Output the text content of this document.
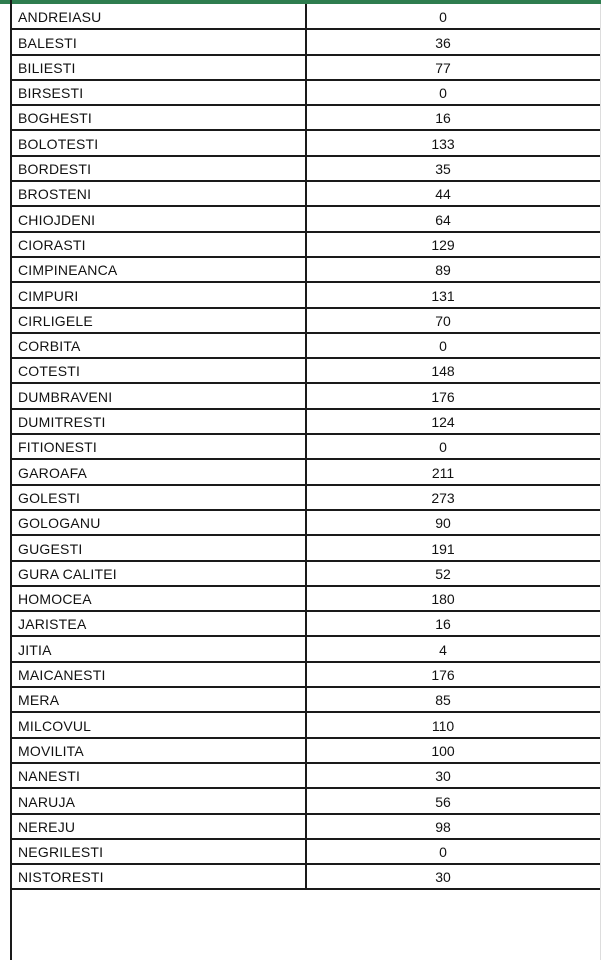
ANDREIASU	0
BALESTI	36
BILIESTI	77
BIRSESTI	0
BOGHESTI	16
BOLOTESTI	133
BORDESTI	35
BROSTENI	44
CHIOJDENI	64
CIORASTI	129
CIMPINEANCA	89
CIMPURI	131
CIRLIGELE	70
CORBITA	0
COTESTI	148
DUMBRAVENI	176
DUMITRESTI	124
FITIONESTI	0
GAROAFA	211
GOLESTI	273
GOLOGANU	90
GUGESTI	191
GURA CALITEI	52
HOMOCEA	180
JARISTEA	16
JITIA	4
MAICANESTI	176
MERA	85
MILCOVUL	110
MOVILITA	100
NANESTI	30
NARUJA	56
NEREJU	98
NEGRILESTI	0
NISTORESTI	30
